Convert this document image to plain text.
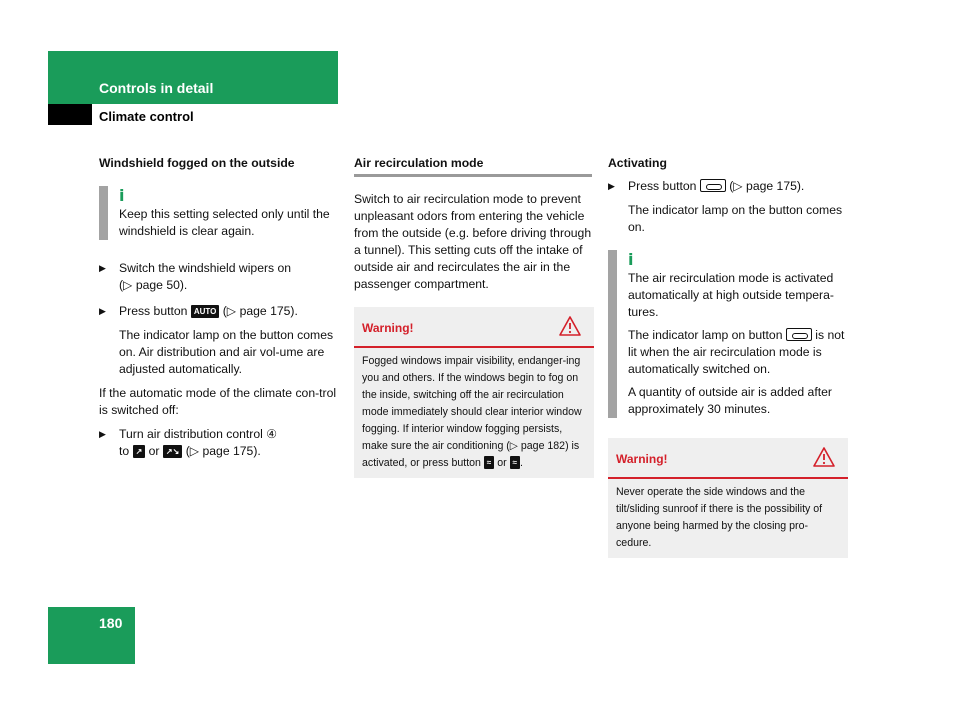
Controls in detail
Climate control
Windshield fogged on the outside
i

Keep this setting selected only until the windshield is clear again.

▶ Switch the windshield wipers on
(▷ page 50).
▶ Press button AUTO (▷ page 175).
The indicator lamp on the button comes on. Air distribution and air vol-ume are adjusted automatically.
If the automatic mode of the climate con-trol is switched off:
▶ Turn air distribution control ④
to ↗ or ↗↘ (▷ page 175).
Air recirculation mode
Switch to air recirculation mode to prevent unpleasant odors from entering the vehicle from the outside (e.g. before driving through a tunnel). This setting cuts off the intake of outside air and recirculates the air in the passenger compartment.
Warning!
Fogged windows impair visibility, endanger-ing you and others. If the windows begin to fog on the inside, switching off the air recirculation mode immediately should clear interior window fogging. If interior window fogging persists, make sure the air conditioning (▷ page 182) is activated, or press button ≈ or ≈ .
Activating
▶ Press button	(▷ page 175).
The indicator lamp on the button comes on.
i

The air recirculation mode is activated automatically at high outside tempera-tures.

The indicator lamp on button	is not lit when the air recirculation mode is automatically switched on.

A quantity of outside air is added after approximately 30 minutes.

Warning!
Never operate the side windows and the tilt/sliding sunroof if there is the possibility of anyone being harmed by the closing pro-cedure.
180
